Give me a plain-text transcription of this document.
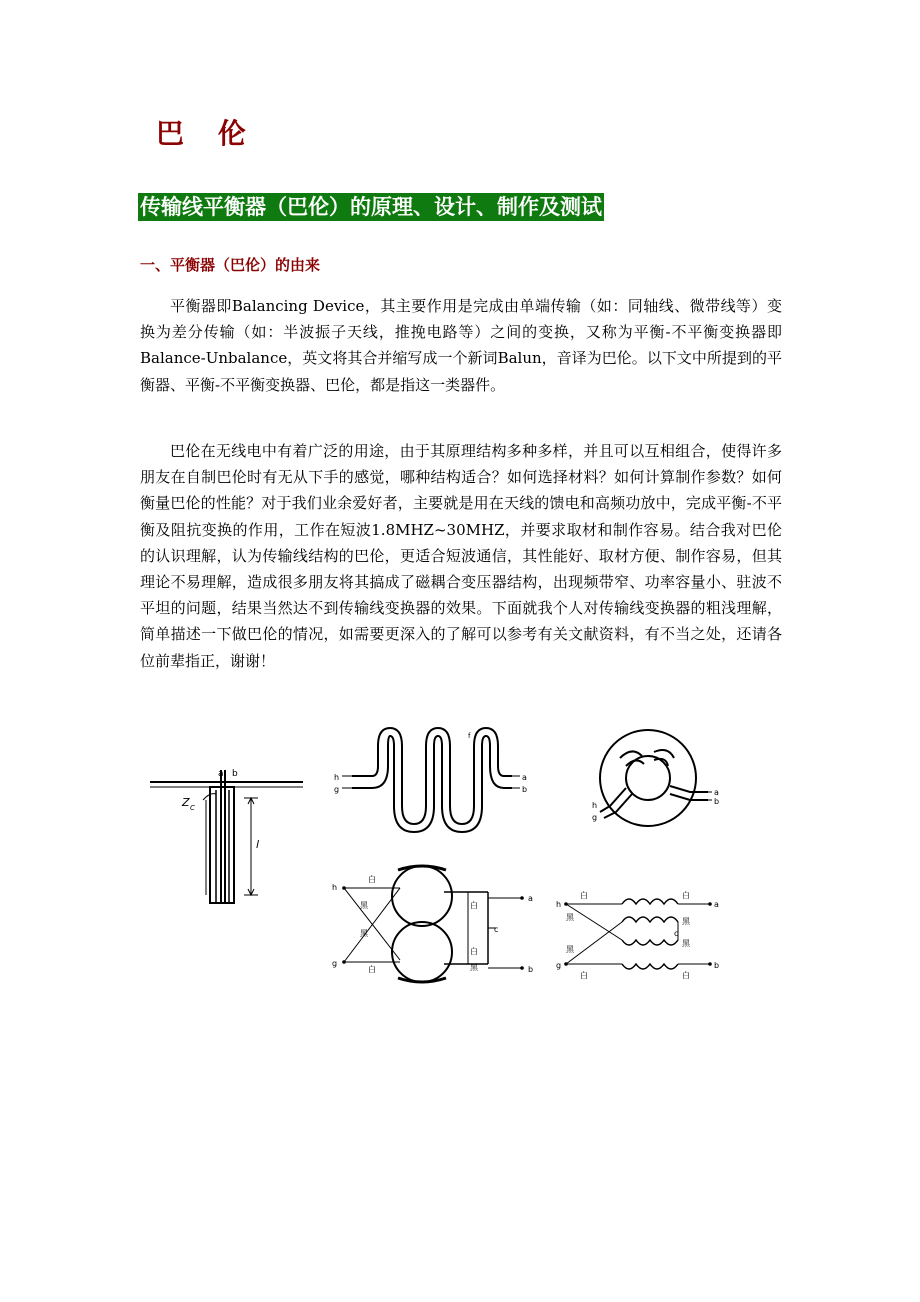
巴 伦
传输线平衡器（巴伦）的原理、设计、制作及测试
一、平衡器（巴伦）的由来

平衡器即Balancing Device，其主要作用是完成由单端传输（如：同轴线、微带线等）变换为差分传输（如：半波振子天线，推挽电路等）之间的变换，又称为平衡-不平衡变换器即Balance-Unbalance，英文将其合并缩写成一个新词Balun，音译为巴伦。以下文中所提到的平衡器、平衡-不平衡变换器、巴伦，都是指这一类器件。

巴伦在无线电中有着广泛的用途，由于其原理结构多种多样，并且可以互相组合，使得许多朋友在自制巴伦时有无从下手的感觉，哪种结构适合？如何选择材料？如何计算制作参数？如何衡量巴伦的性能？对于我们业余爱好者，主要就是用在天线的馈电和高频功放中，完成平衡-不平衡及阻抗变换的作用，工作在短波1.8MHZ~30MHZ，并要求取材和制作容易。结合我对巴伦的认识理解，认为传输线结构的巴伦，更适合短波通信，其性能好、取材方便、制作容易，但其理论不易理解，造成很多朋友将其搞成了磁耦合变压器结构，出现频带窄、功率容量小、驻波不平坦的问题，结果当然达不到传输线变换器的效果。下面就我个人对传输线变换器的粗浅理解，简单描述一下做巴伦的情况，如需要更深入的了解可以参考有关文献资料，有不当之处，还请各位前辈指正，谢谢！

a b
Z C
l
h
g
a
b
f
a
b
h
g
h
g
a
b
c
白
白
黑
黑
白
白
黑
h
g
a
b
c
白	白
白	白
黑
黑
黑
黑
